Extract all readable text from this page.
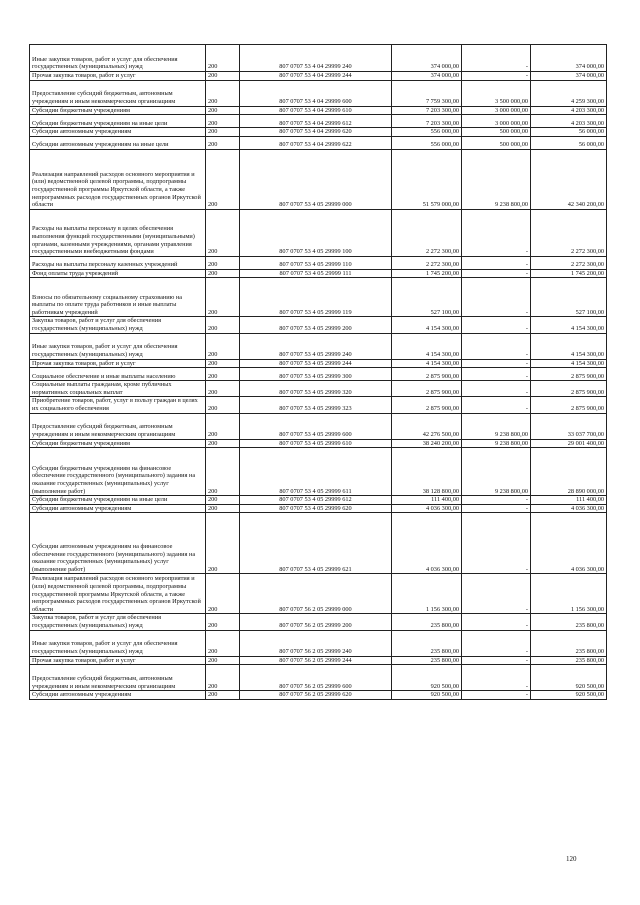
Иные закупки товаров, работ и услуг для обеспечения государственных (муниципальных) нужд	200	807 0707 53 4 04 29999 240	374 000,00	-	374 000,00
Прочая закупка товаров, работ и услуг	200	807 0707 53 4 04 29999 244	374 000,00	-	374 000,00
Предоставление субсидий бюджетным, автономным учреждениям и иным некоммерческим организациям	200	807 0707 53 4 04 29999 600	7 759 300,00	3 500 000,00	4 259 300,00
Субсидии бюджетным учреждениям	200	807 0707 53 4 04 29999 610	7 203 300,00	3 000 000,00	4 203 300,00
Субсидии бюджетным учреждениям на иные цели	200	807 0707 53 4 04 29999 612	7 203 300,00	3 000 000,00	4 203 300,00
Субсидии автономным учреждениям	200	807 0707 53 4 04 29999 620	556 000,00	500 000,00	56 000,00
Субсидии автономным учреждениям на иные цели	200	807 0707 53 4 04 29999 622	556 000,00	500 000,00	56 000,00
Реализация направлений расходов основного мероприятия и (или) ведомственной целевой программы, подпрограммы государственной программы Иркутской области, а также непрограммных расходов государственных органов Иркутской области	200	807 0707 53 4 05 29999 000	51 579 000,00	9 238 800,00	42 340 200,00
Расходы на выплаты персоналу в целях обеспечения выполнения функций государственными (муниципальными) органами, казенными учреждениями, органами управления государственными внебюджетными фондами	200	807 0707 53 4 05 29999 100	2 272 300,00	-	2 272 300,00
Расходы на выплаты персоналу казенных учреждений	200	807 0707 53 4 05 29999 110	2 272 300,00	-	2 272 300,00
Фонд оплаты труда учреждений	200	807 0707 53 4 05 29999 111	1 745 200,00	-	1 745 200,00
Взносы по обязательному социальному страхованию на выплаты по оплате труда работников и иные выплаты работникам учреждений	200	807 0707 53 4 05 29999 119	527 100,00	-	527 100,00
Закупка товаров, работ и услуг для обеспечения государственных (муниципальных) нужд	200	807 0707 53 4 05 29999 200	4 154 300,00	-	4 154 300,00
Иные закупки товаров, работ и услуг для обеспечения государственных (муниципальных) нужд	200	807 0707 53 4 05 29999 240	4 154 300,00	-	4 154 300,00
Прочая закупка товаров, работ и услуг	200	807 0707 53 4 05 29999 244	4 154 300,00	-	4 154 300,00
Социальное обеспечение и иные выплаты населению	200	807 0707 53 4 05 29999 300	2 875 900,00	-	2 875 900,00
Социальные выплаты гражданам, кроме публичных нормативных социальных выплат	200	807 0707 53 4 05 29999 320	2 875 900,00	-	2 875 900,00
Приобретение товаров, работ, услуг в пользу граждан в целях их социального обеспечения	200	807 0707 53 4 05 29999 323	2 875 900,00	-	2 875 900,00
Предоставление субсидий бюджетным, автономным учреждениям и иным некоммерческим организациям	200	807 0707 53 4 05 29999 600	42 276 500,00	9 238 800,00	33 037 700,00
Субсидии бюджетным учреждениям	200	807 0707 53 4 05 29999 610	38 240 200,00	9 238 800,00	29 001 400,00
Субсидии бюджетным учреждениям на финансовое обеспечение государственного (муниципального) задания на оказание государственных (муниципальных) услуг (выполнение работ)	200	807 0707 53 4 05 29999 611	38 128 800,00	9 238 800,00	28 890 000,00
Субсидии бюджетным учреждениям на иные цели	200	807 0707 53 4 05 29999 612	111 400,00	-	111 400,00
Субсидии автономным учреждениям	200	807 0707 53 4 05 29999 620	4 036 300,00	-	4 036 300,00
Субсидии автономным учреждениям на финансовое обеспечение государственного (муниципального) задания на оказание государственных (муниципальных) услуг (выполнение работ)	200	807 0707 53 4 05 29999 621	4 036 300,00	-	4 036 300,00
Реализация направлений расходов основного мероприятия и (или) ведомственной целевой программы, подпрограммы государственной программы Иркутской области, а также непрограммных расходов государственных органов Иркутской области	200	807 0707 56 2 05 29999 000	1 156 300,00	-	1 156 300,00
Закупка товаров, работ и услуг для обеспечения государственных (муниципальных) нужд	200	807 0707 56 2 05 29999 200	235 800,00	-	235 800,00
Иные закупки товаров, работ и услуг для обеспечения государственных (муниципальных) нужд	200	807 0707 56 2 05 29999 240	235 800,00	-	235 800,00
Прочая закупка товаров, работ и услуг	200	807 0707 56 2 05 29999 244	235 800,00	-	235 800,00
Предоставление субсидий бюджетным, автономным учреждениям и иным некоммерческим организациям	200	807 0707 56 2 05 29999 600	920 500,00	-	920 500,00
Субсидии автономным учреждениям	200	807 0707 56 2 05 29999 620	920 500,00	-	920 500,00
120
